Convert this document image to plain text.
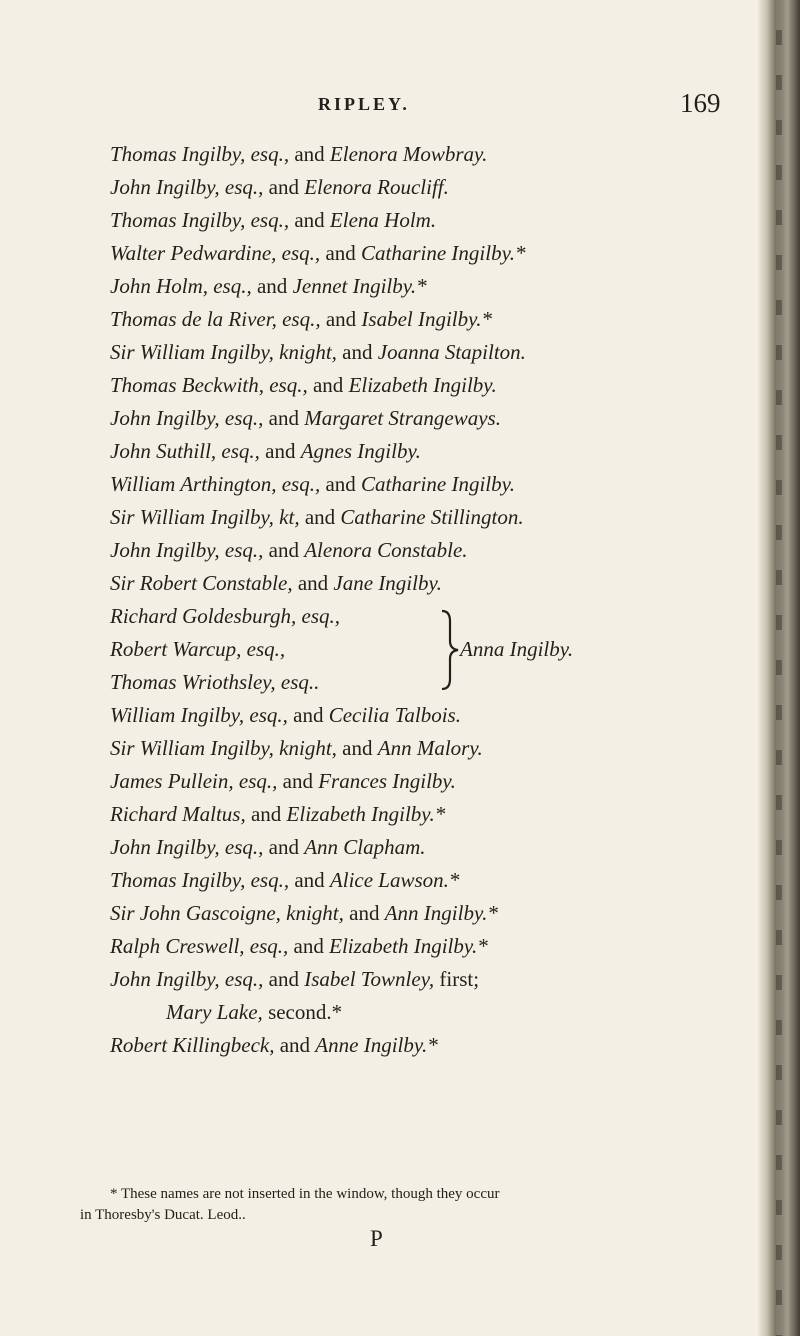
RIPLEY.	169
Thomas Ingilby, esq., and Elenora Mowbray.
John Ingilby, esq., and Elenora Roucliff.
Thomas Ingilby, esq., and Elena Holm.
Walter Pedwardine, esq., and Catharine Ingilby.*
John Holm, esq., and Jennet Ingilby.*
Thomas de la River, esq., and Isabel Ingilby.*
Sir William Ingilby, knight, and Joanna Stapilton.
Thomas Beckwith, esq., and Elizabeth Ingilby.
John Ingilby, esq., and Margaret Strangeways.
John Suthill, esq., and Agnes Ingilby.
William Arthington, esq., and Catharine Ingilby.
Sir William Ingilby, kt, and Catharine Stillington.
John Ingilby, esq., and Alenora Constable.
Sir Robert Constable, and Jane Ingilby.
Richard Goldesburgh, esq.,
Robert Warcup, esq.,
Thomas Wriothsley, esq..
Anna Ingilby.
William Ingilby, esq., and Cecilia Talbois.
Sir William Ingilby, knight, and Ann Malory.
James Pullein, esq., and Frances Ingilby.
Richard Maltus, and Elizabeth Ingilby.*
John Ingilby, esq., and Ann Clapham.
Thomas Ingilby, esq., and Alice Lawson.*
Sir John Gascoigne, knight, and Ann Ingilby.*
Ralph Creswell, esq., and Elizabeth Ingilby.*
John Ingilby, esq., and Isabel Townley, first;
Mary Lake, second.*
Robert Killingbeck, and Anne Ingilby.*
* These names are not inserted in the window, though they occur
in Thoresby's Ducat. Leod..
P
